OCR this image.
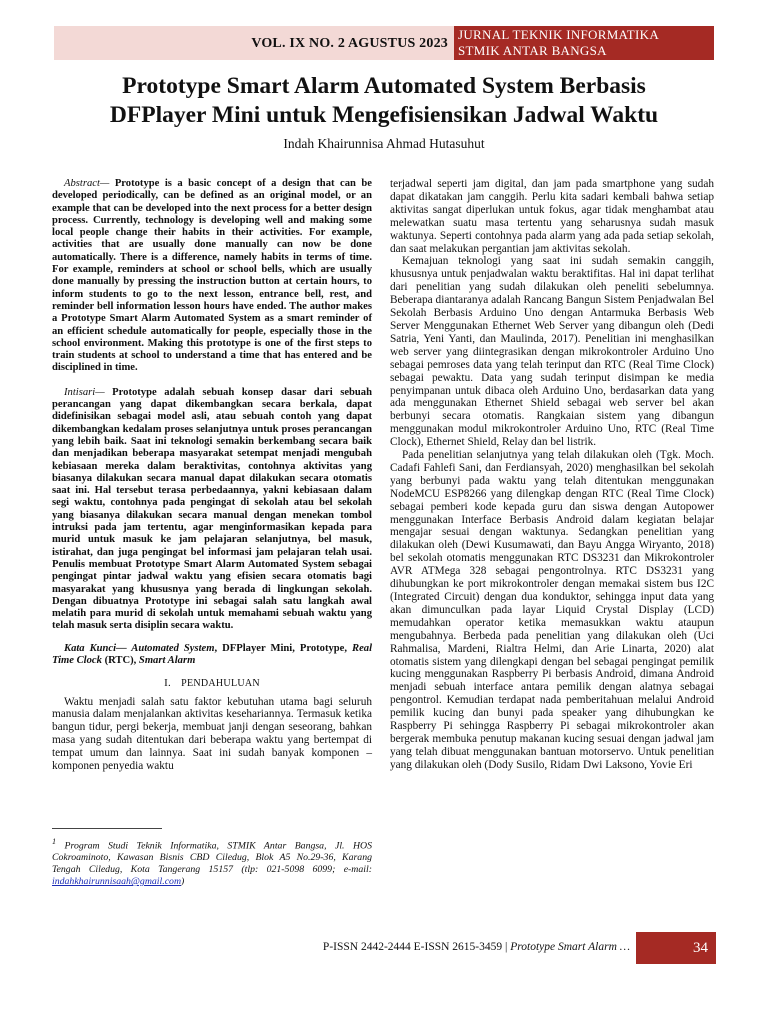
VOL. IX NO. 2 AGUSTUS 2023
JURNAL TEKNIK INFORMATIKA
STMIK ANTAR BANGSA
Prototype Smart Alarm Automated System Berbasis
DFPlayer Mini untuk Mengefisiensikan Jadwal Waktu
Indah Khairunnisa Ahmad Hutasuhut

Abstract— Prototype is a basic concept of a design that can be developed periodically, can be defined as an original model, or an example that can be developed into the next process for a better design process. Currently, technology is developing well and making some local people change their habits in their activities. For example, activities that are usually done manually can now be done automatically. There is a difference, namely habits in terms of time. For example, reminders at school or school bells, which are usually done manually by pressing the instruction button at certain hours, to inform students to go to the next lesson, entrance bell, rest, and reminder bell information lesson hours have ended. The author makes a Prototype Smart Alarm Automated System as a smart reminder of an efficient schedule automatically for people, especially those in the school environment. Making this prototype is one of the first steps to train students at school to understand a time that has entered and be disciplined in time.

Intisari— Prototype adalah sebuah konsep dasar dari sebuah perancangan yang dapat dikembangkan secara berkala, dapat didefinisikan sebagai model asli, atau sebuah contoh yang dapat dikembangkan kedalam proses selanjutnya untuk proses perancangan yang lebih baik. Saat ini teknologi semakin berkembang secara baik dan menjadikan beberapa masyarakat setempat menjadi mengubah kebiasaan mereka dalam beraktivitas, contohnya aktivitas yang biasanya dilakukan secara manual dapat dilakukan secara otomatis saat ini. Hal tersebut terasa perbedaannya, yakni kebiasaan dalam segi waktu, contohnya pada pengingat di sekolah atau bel sekolah yang biasanya dilakukan secara manual dengan menekan tombol intruksi pada jam tertentu, agar menginformasikan kepada para murid untuk masuk ke jam pelajaran selanjutnya, bel masuk, istirahat, dan juga pengingat bel informasi jam pelajaran telah usai. Penulis membuat Prototype Smart Alarm Automated System sebagai pengingat pintar jadwal waktu yang efisien secara otomatis bagi masyarakat yang khususnya yang berada di lingkungan sekolah. Dengan dibuatnya Prototype ini sebagai salah satu langkah awal melatih para murid di sekolah untuk memahami sebuah waktu yang telah masuk serta disiplin secara waktu.

Kata Kunci— Automated System, DFPlayer Mini, Prototype, Real Time Clock (RTC), Smart Alarm

I. PENDAHULUAN

Waktu menjadi salah satu faktor kebutuhan utama bagi seluruh manusia dalam menjalankan aktivitas kesehariannya. Termasuk ketika bangun tidur, pergi bekerja, membuat janji dengan seseorang, bahkan masa yang sudah ditentukan dari beberapa waktu yang bertempat di tempat umum dan lainnya. Saat ini sudah banyak komponen – komponen penyedia waktu

$^1$ Program Studi Teknik Informatika, STMIK Antar Bangsa, Jl. HOS Cokroaminoto, Kawasan Bisnis CBD Ciledug, Blok A5 No.29-36, Karang Tengah Ciledug, Kota Tangerang 15157 (tlp: 021-5098 6099; e-mail: indahkhairunnisaah@gmail.com)

terjadwal seperti jam digital, dan jam pada smartphone yang sudah dapat dikatakan jam canggih. Perlu kita sadari kembali bahwa setiap aktivitas sangat diperlukan untuk fokus, agar tidak menghambat atau melewatkan suatu masa tertentu yang seharusnya sudah masuk waktunya. Seperti contohnya pada alarm yang ada pada setiap sekolah, dan saat melakukan pergantian jam aktivitas sekolah.

Kemajuan teknologi yang saat ini sudah semakin canggih, khususnya untuk penjadwalan waktu beraktifitas. Hal ini dapat terlihat dari penelitian yang sudah dilakukan oleh peneliti sebelumnya. Beberapa diantaranya adalah Rancang Bangun Sistem Penjadwalan Bel Sekolah Berbasis Arduino Uno dengan Antarmuka Berbasis Web Server Menggunakan Ethernet Web Server yang dibangun oleh (Dedi Satria, Yeni Yanti, dan Maulinda, 2017). Penelitian ini menghasilkan web server yang diintegrasikan dengan mikrokontroler Arduino Uno sebagai pemroses data yang telah terinput dan RTC (Real Time Clock) sebagai pewaktu. Data yang sudah terinput disimpan ke media penyimpanan untuk dibaca oleh Arduino Uno, berdasarkan data yang ada menggunakan Ethernet Shield sebagai web server bel akan berbunyi secara otomatis. Rangkaian sistem yang dibangun menggunakan modul mikrokontroler Arduino Uno, RTC (Real Time Clock), Ethernet Shield, Relay dan bel listrik.

Pada penelitian selanjutnya yang telah dilakukan oleh (Tgk. Moch. Cadafi Fahlefi Sani, dan Ferdiansyah, 2020) menghasilkan bel sekolah yang berbunyi pada waktu yang telah ditentukan menggunakan NodeMCU ESP8266 yang dilengkap dengan RTC (Real Time Clock) sebagai pemberi kode kepada guru dan siswa dengan Autopower menggunakan Interface Berbasis Android dalam kegiatan belajar mengajar sesuai dengan waktunya. Sedangkan penelitian yang dilakukan oleh (Dewi Kusumawati, dan Bayu Angga Wiryanto, 2018) bel sekolah otomatis menggunakan RTC DS3231 dan Mikrokontroler AVR ATMega 328 sebagai pengontrolnya. RTC DS3231 yang dihubungkan ke port mikrokontroler dengan memakai sistem bus I2C (Integrated Circuit) dengan dua konduktor, sehingga input data yang akan dimunculkan pada layar Liquid Crystal Display (LCD) memudahkan operator ketika memasukkan waktu ataupun mengubahnya. Berbeda pada penelitian yang dilakukan oleh (Uci Rahmalisa, Mardeni, Rialtra Helmi, dan Arie Linarta, 2020) alat otomatis sistem yang dilengkapi dengan bel sebagai pengingat pemilik kucing menggunakan Raspberry Pi berbasis Android, dimana Android menjadi sebuah interface antara pemilik dengan alatnya sebagai pengontrol. Kemudian terdapat nada pemberitahuan melalui Android pemilik kucing dan bunyi pada speaker yang dihubungkan ke Raspberry Pi sehingga Raspberry Pi sebagai mikrokontroler akan bergerak membuka penutup makanan kucing sesuai dengan jadwal jam yang telah dibuat menggunakan bantuan motorservo. Untuk penelitian yang dilakukan oleh (Dody Susilo, Ridam Dwi Laksono, Yovie Eri

P-ISSN 2442-2444 E-ISSN 2615-3459 | Prototype Smart Alarm …	34
